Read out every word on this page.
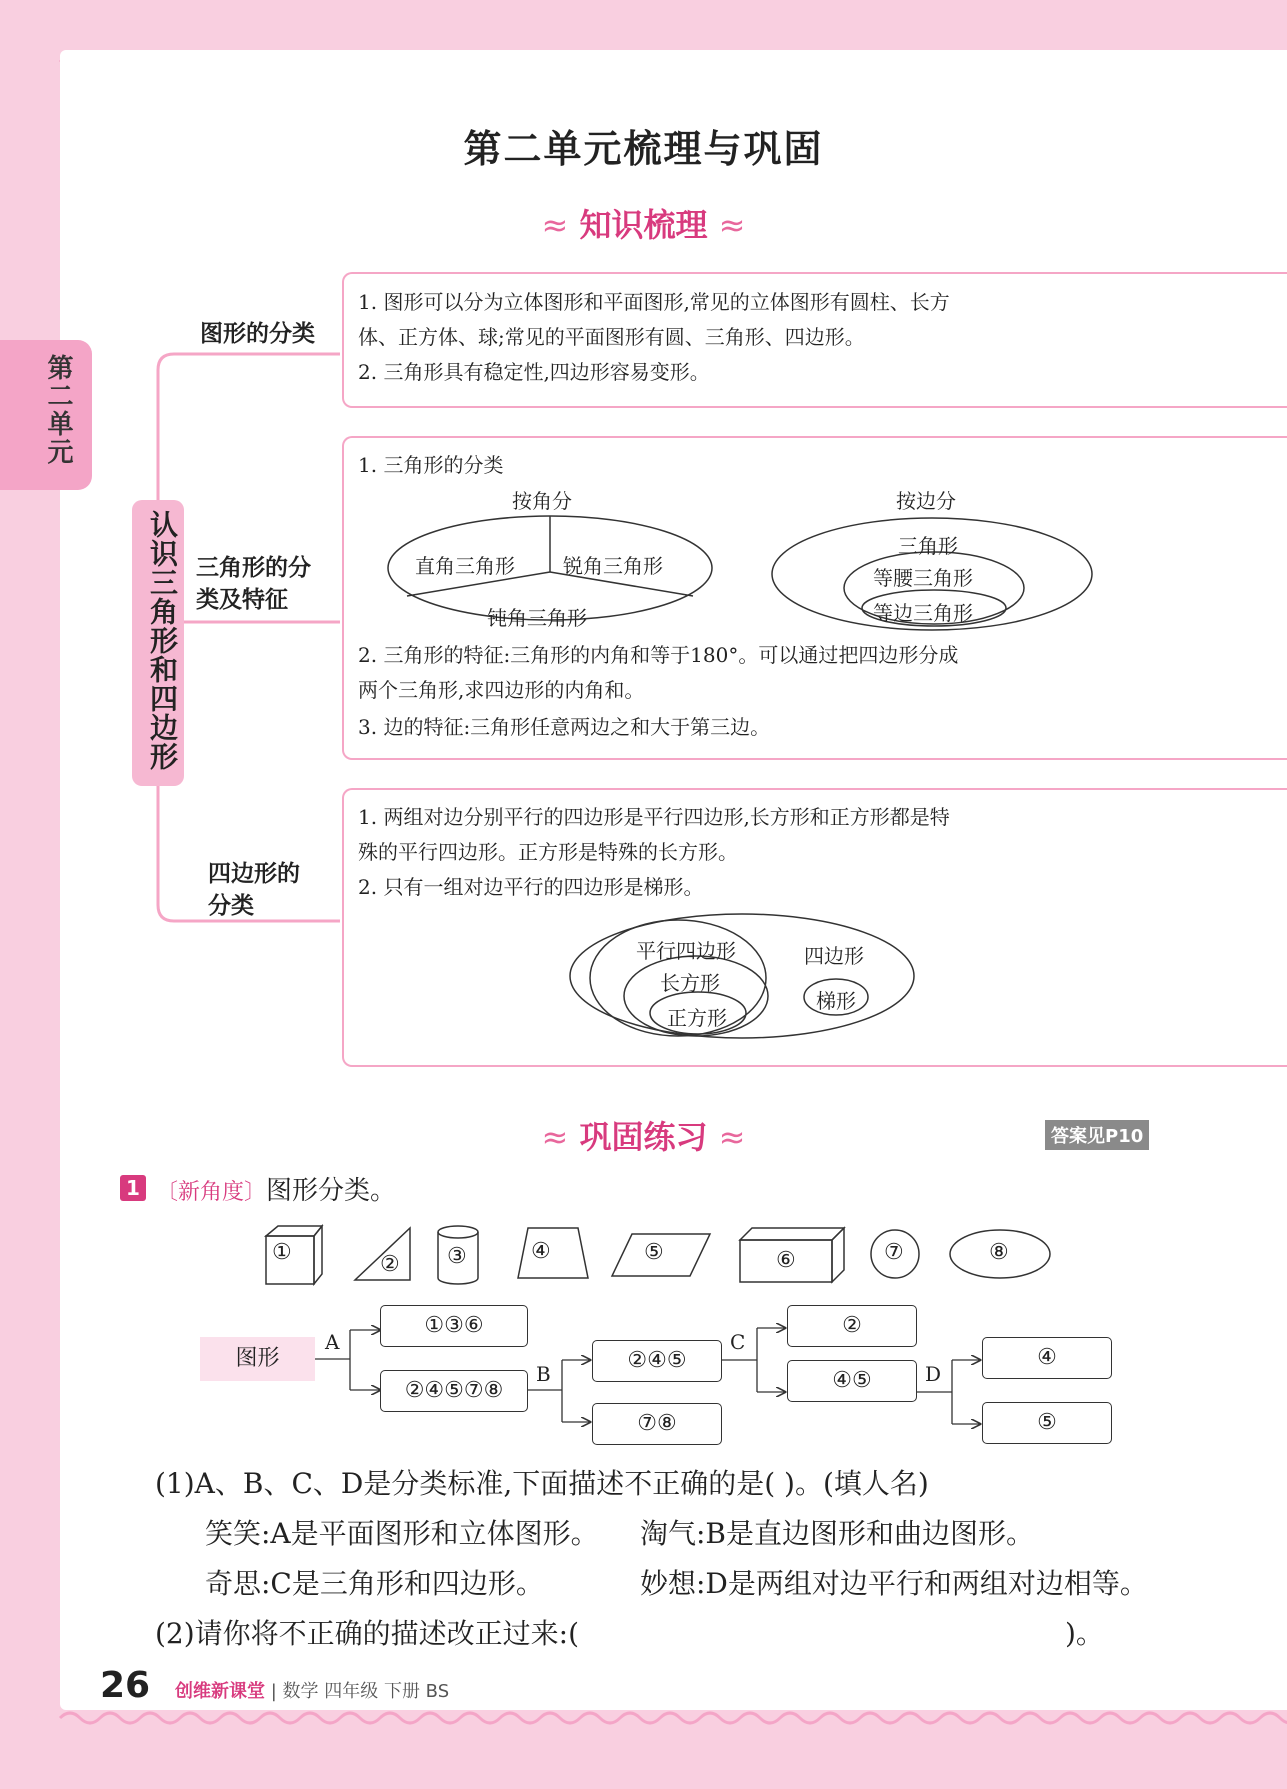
第二单元
第二单元梳理与巩固
≈ 知识梳理 ≈
认识三角形和四边形
图形的分类
三角形的分
类及特征
四边形的
分类
1. 图形可以分为立体图形和平面图形,常见的立体图形有圆柱、长方
体、正方体、球;常见的平面图形有圆、三角形、四边形。
2. 三角形具有稳定性,四边形容易变形。
1. 三角形的分类
按角分	按边分
直角三角形 锐角三角形
钝角三角形
三角形
等腰三角形
等边三角形
2. 三角形的特征:三角形的内角和等于180°。可以通过把四边形分成
两个三角形,求四边形的内角和。
3. 边的特征:三角形任意两边之和大于第三边。
1. 两组对边分别平行的四边形是平行四边形,长方形和正方形都是特
殊的平行四边形。正方形是特殊的长方形。
2. 只有一组对边平行的四边形是梯形。
平行四边形
长方形
正方形
四边形
梯形
≈ 巩固练习 ≈	答案见P10
1 〔新角度〕图形分类。
①	② ③	④	⑤	⑥	⑦	⑧
图形
A
B
C
D
①③⑥
②④⑤⑦⑧
②④⑤
⑦⑧
②
④⑤
④
⑤
(1)A、B、C、D是分类标准,下面描述不正确的是( )。(填人名)
笑笑:A是平面图形和立体图形。 淘气:B是直边图形和曲边图形。
奇思:C是三角形和四边形。	妙想:D是两组对边平行和两组对边相等。
(2)请你将不正确的描述改正过来:(	)。
26 创维新课堂 | 数学 四年级 下册 BS
